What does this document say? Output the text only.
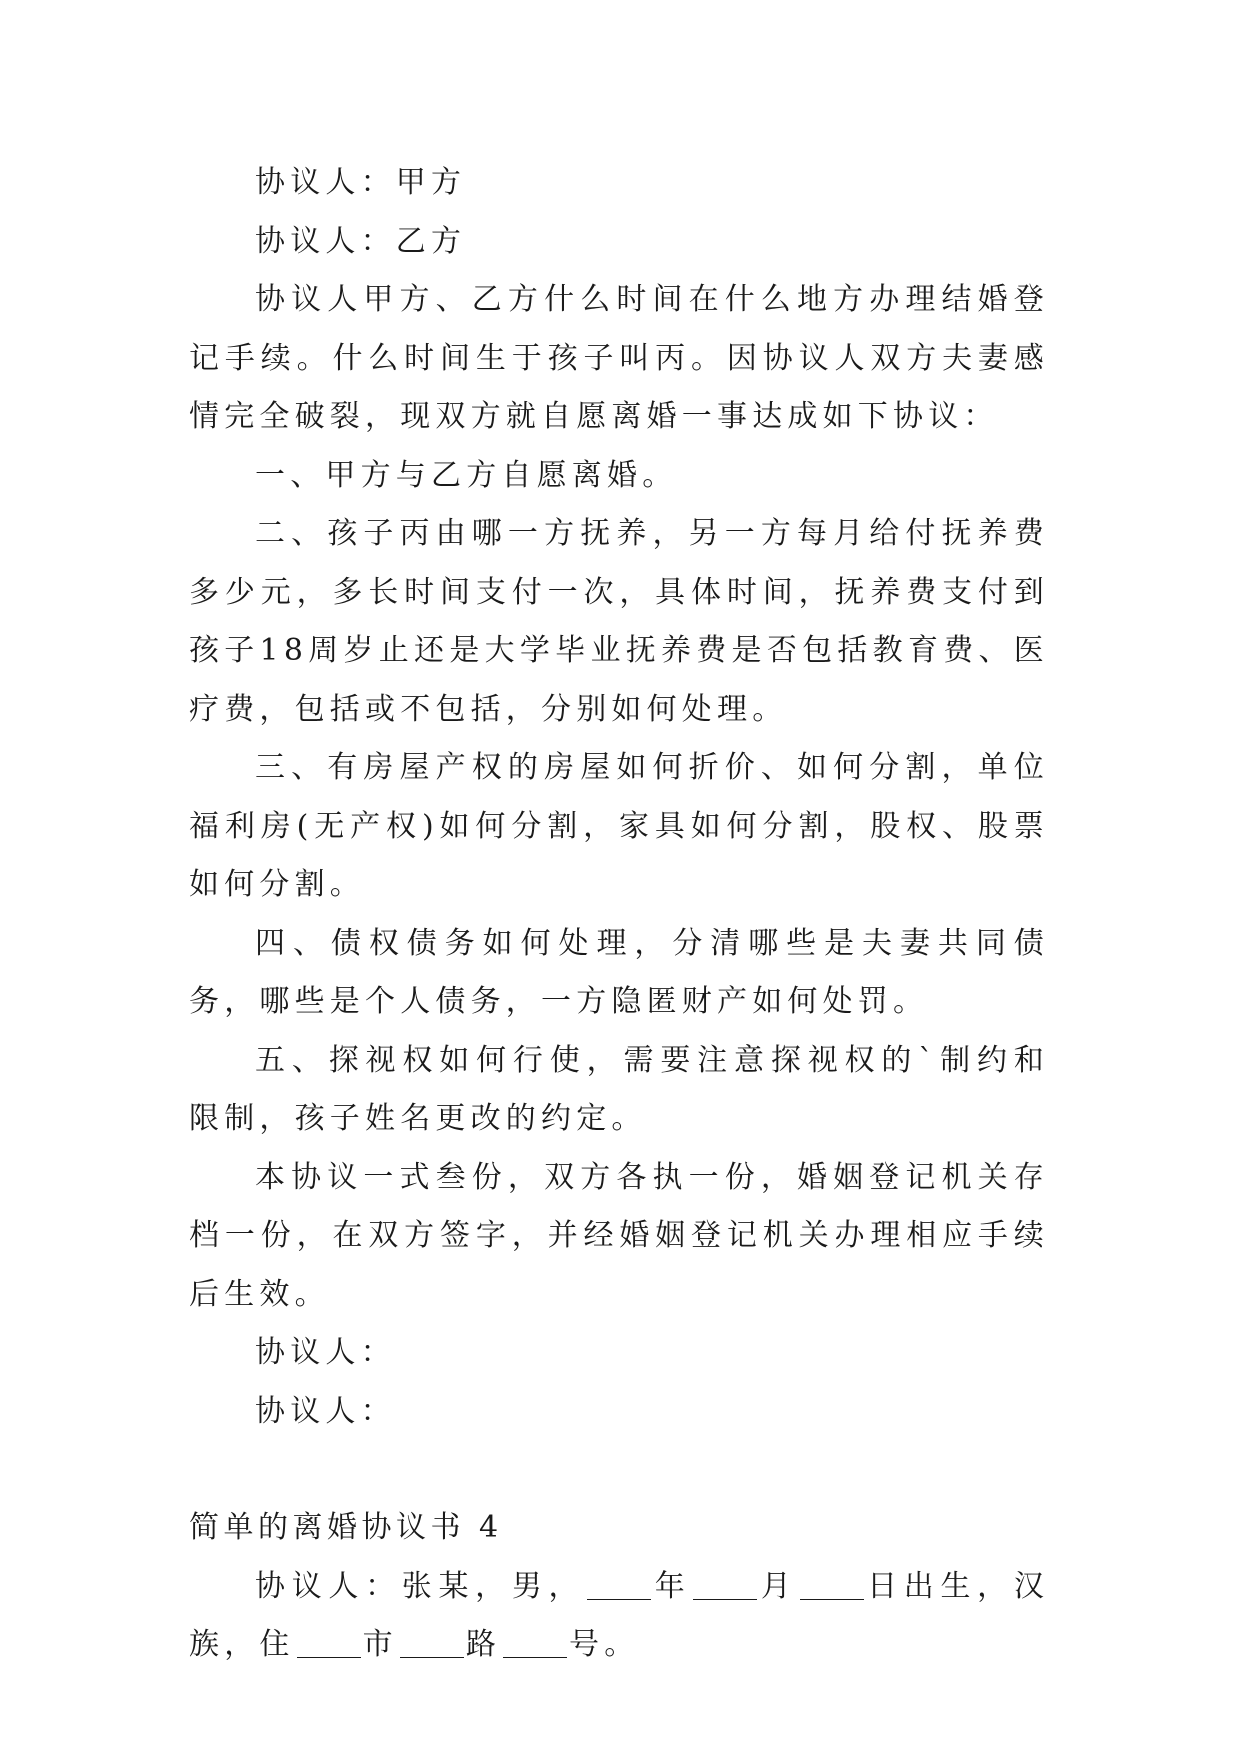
协议人：甲方

协议人：乙方

协议人甲方、乙方什么时间在什么地方办理结婚登记手续。什么时间生于孩子叫丙。因协议人双方夫妻感情完全破裂，现双方就自愿离婚一事达成如下协议：

一、甲方与乙方自愿离婚。

二、孩子丙由哪一方抚养，另一方每月给付抚养费多少元，多长时间支付一次，具体时间，抚养费支付到孩子18周岁止还是大学毕业抚养费是否包括教育费、医疗费，包括或不包括，分别如何处理。

三、有房屋产权的房屋如何折价、如何分割，单位福利房(无产权)如何分割，家具如何分割，股权、股票如何分割。

四、债权债务如何处理，分清哪些是夫妻共同债务，哪些是个人债务，一方隐匿财产如何处罚。

五、探视权如何行使，需要注意探视权的`制约和限制，孩子姓名更改的约定。

本协议一式叁份，双方各执一份，婚姻登记机关存档一份，在双方签字，并经婚姻登记机关办理相应手续后生效。

协议人：

协议人：

简单的离婚协议书 4

协议人：张某，男， 年 月 日出生，汉族，住 市 路 号。
